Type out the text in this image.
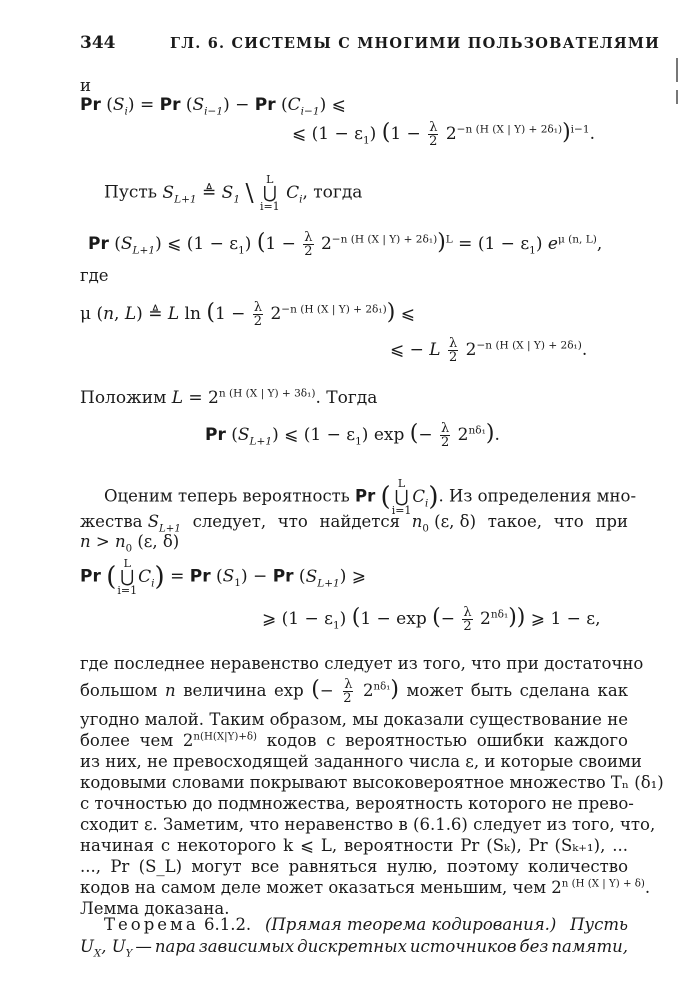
344	ГЛ. 6. СИСТЕМЫ С МНОГИМИ ПОЛЬЗОВАТЕЛЯМИ
и
Pr $(S_i) = Pr$ $(S_{i-1}) - Pr$ $(C_{i-1})$ ⩽
⩽ $(1 - \varepsilon_1)$ $(1 - \frac{\lambda}{2} 2^{-n (H (X | Y) + 2\delta_1)})^{i-1}$.
Пусть $S_{L+1}$ ≜ $S_1$ \ L
⋃
i=1 $C_i$, тогда
Pr $(S_{L+1})$ ⩽ $(1 - \varepsilon_1)$ $(1 - \frac{\lambda}{2} 2^{-n (H (X | Y) + 2\delta_1)})^L = (1 - \varepsilon_1)$ $e^{\mu (n, L)}$,
где
μ (n, L) ≜ L $\ln (1 - \frac{\lambda}{2} 2^{-n (H (X | Y) + 2\delta_1)})$ ⩽
⩽ − L $\frac{\lambda}{2} 2^{-n (H (X | Y) + 2\delta_1)}$.
Положим $L = 2^{n (H (X | Y) + 3\delta_1)}$. Тогда
Pr $(S_{L+1})$ ⩽ $(1 - \varepsilon_1)$ exp (− $\frac{\lambda}{2} 2^{n\delta_1}$).
Оценим теперь вероятность Pr ( L
⋃
$i=1C_i$). Из определения мно-
жества $S_{L+1}$ следует, что найдется $n_0$ (ε, δ) такое, что при
$n > n_0$ (ε, δ)
Pr ( L
⋃
$i=1C_i) = Pr$ $(S_1) - Pr$ $(S_{L+1})$ ⩾
⩾ $(1 - \varepsilon_1)$ (1 − exp (− $\frac{\lambda}{2} 2^{n\delta_1}$)) ⩾ 1 − ε,
где последнее неравенство следует из того, что при достаточно
большом n величина exp (− $\frac{\lambda}{2} 2^{n\delta_1}$) может быть сделана как
угодно малой. Таким образом, мы доказали существование не
более чем $2^{n(H(X|Y)+\delta)}$ кодов с вероятностью ошибки каждого
из них, не превосходящей заданного числа ε, и которые своими
кодовыми словами покрывают высоковероятное множество Tₙ (δ₁)
с точностью до подмножества, вероятность которого не прево-
сходит ε. Заметим, что неравенство в (6.1.6) следует из того, что,
начиная с некоторого k ⩽ L, вероятности Pr (Sₖ), Pr (Sₖ₊₁), ...
..., Pr (S_L) могут все равняться нулю, поэтому количество
кодов на самом деле может оказаться меньшим, чем $2^{n (H (X | Y) + \delta)}$.
Лемма доказана.
Теорема 6.1.2. (Прямая теорема кодирования.) Пусть
$U_X$, $U_Y$ — пара зависимых дискретных источников без памяти,
